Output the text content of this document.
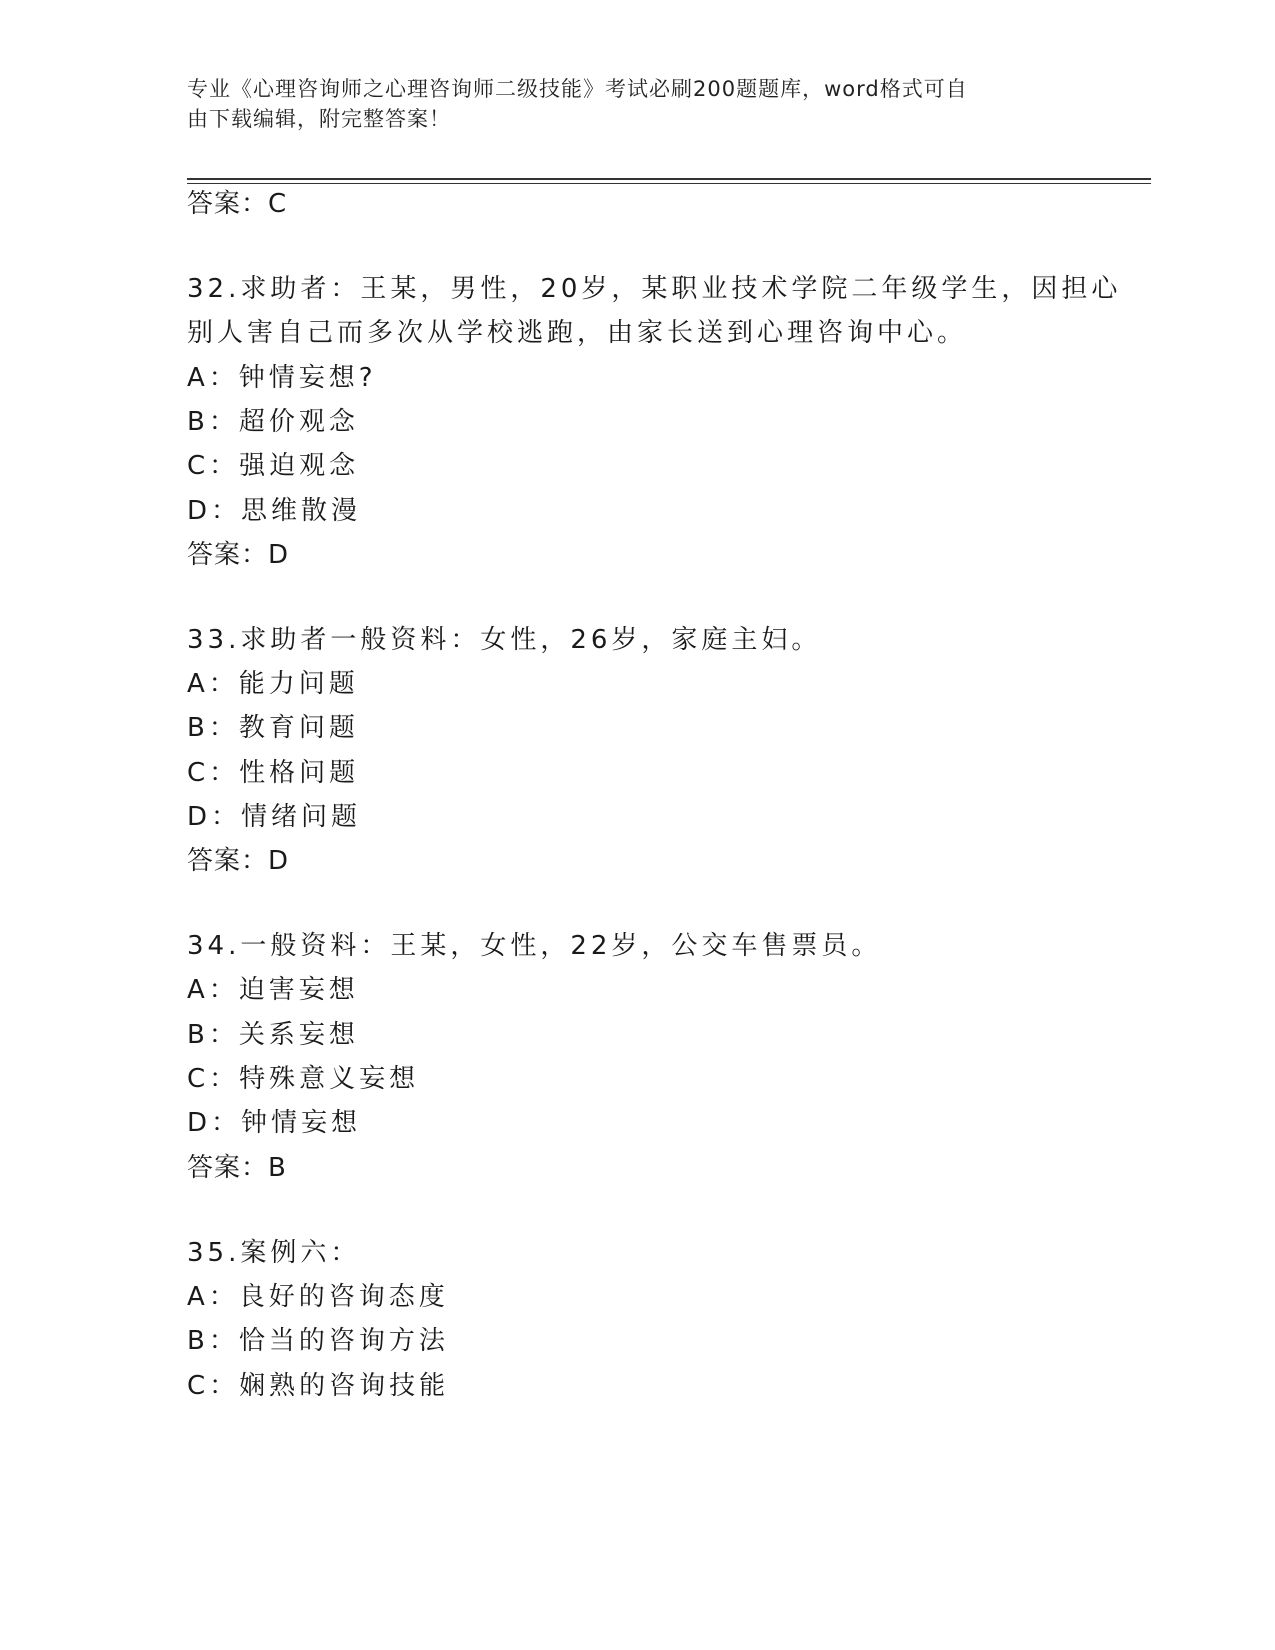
专业《心理咨询师之心理咨询师二级技能》考试必刷200题题库，word格式可自
由下载编辑，附完整答案！
答案：C
32.求助者：王某，男性，20岁，某职业技术学院二年级学生，因担心
别人害自己而多次从学校逃跑，由家长送到心理咨询中心。
A：钟情妄想?
B：超价观念
C：强迫观念
D：思维散漫
答案：D
33.求助者一般资料：女性，26岁，家庭主妇。
A：能力问题
B：教育问题
C：性格问题
D：情绪问题
答案：D
34.一般资料：王某，女性，22岁，公交车售票员。
A：迫害妄想
B：关系妄想
C：特殊意义妄想
D：钟情妄想
答案：B
35.案例六：
A：良好的咨询态度
B：恰当的咨询方法
C：娴熟的咨询技能
